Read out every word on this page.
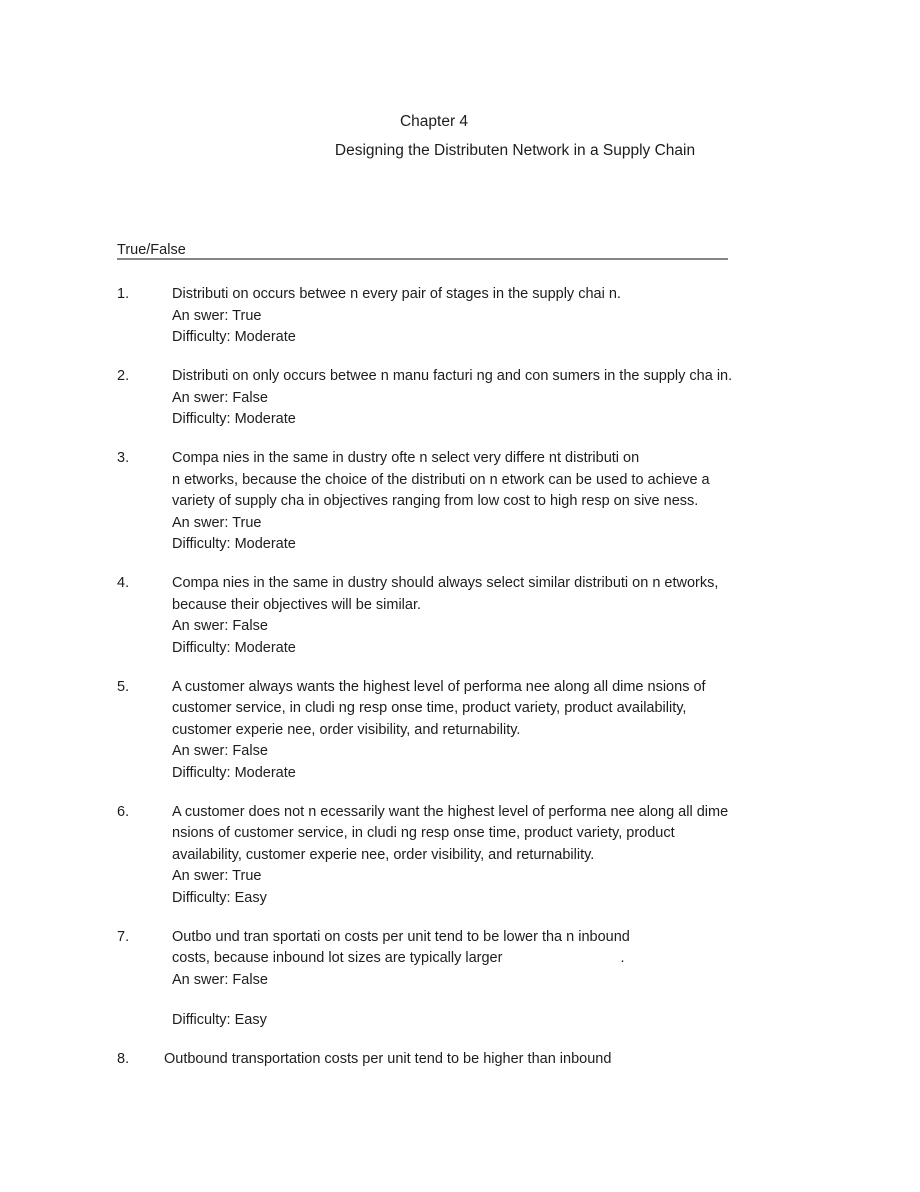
Chapter 4
Designing the Distributen Network in a Supply Chain
True/False
1.	Distributi on occurs betwee n every pair of stages in the supply chai n.
An swer: True
Difficulty: Moderate
2.	Distributi on only occurs betwee n manu facturi ng and con sumers in the supply cha in.
An swer: False
Difficulty: Moderate
3.	Compa nies in the same in dustry ofte n select very differe nt distributi on
n etworks, because the choice of the distributi on n etwork can be used to achieve a
variety of supply cha in objectives ranging from low cost to high resp on sive ness.
An swer: True
Difficulty: Moderate
4.	Compa nies in the same in dustry should always select similar distributi on n etworks,
because their objectives will be similar.
An swer: False
Difficulty: Moderate
5.	A customer always wants the highest level of performa nee along all dime nsions of
customer service, in cludi ng resp onse time, product variety, product availability,
customer experie nee, order visibility, and returnability.
An swer: False
Difficulty: Moderate
6.	A customer does not n ecessarily want the highest level of performa nee along all dime
nsions of customer service, in cludi ng resp onse time, product variety, product
availability, customer experie nee, order visibility, and returnability.
An swer: True
Difficulty: Easy
7.	Outbo und tran sportati on costs per unit tend to be lower tha n inbound
costs, because inbound lot sizes are typically larger	.
An swer: False
Difficulty: Easy
8.	Outbound transportation costs per unit tend to be higher than inbound
